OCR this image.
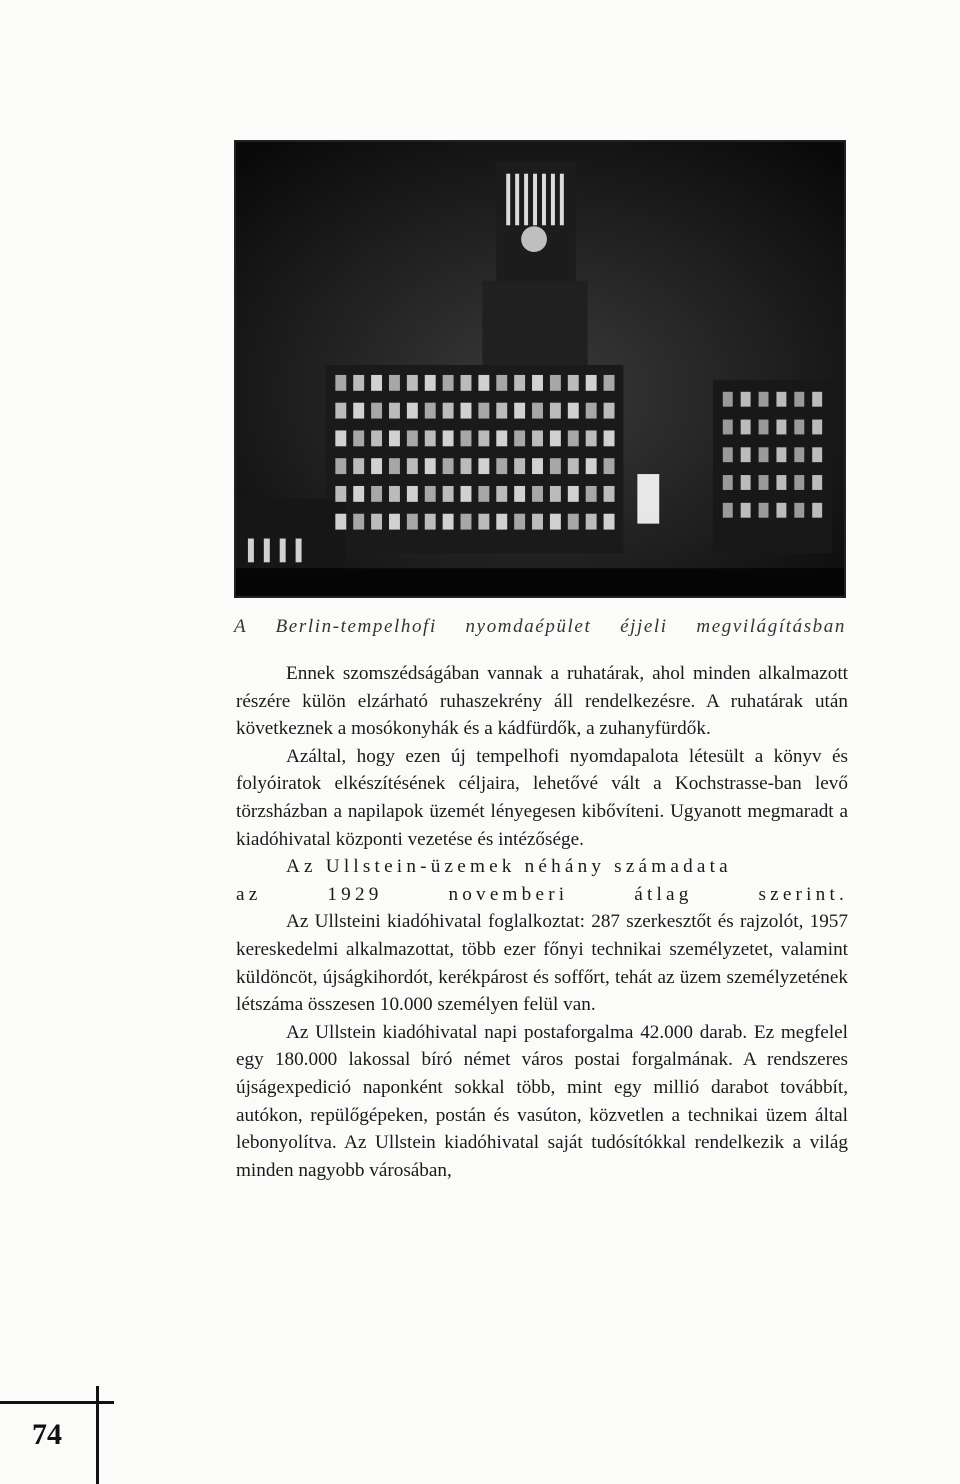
A Berlin-tempelhofi nyomdaépület éjjeli megvilágításban

Ennek szomszédságában vannak a ruhatárak, ahol minden alkalmazott részére külön elzárható ruhaszekrény áll rendelkezésre. A ruhatárak után következnek a mosókonyhák és a kádfürdők, a zuhanyfürdők.

Azáltal, hogy ezen új tempelhofi nyomdapalota létesült a könyv és folyóiratok elkészítésének céljaira, lehetővé vált a Kochstrasse-ban levő törzsházban a napilapok üzemét lényegesen kibővíteni. Ugyanott megmaradt a kiadóhivatal központi vezetése és intézősége.

Az Ullstein-üzemek néhány számadata

az 1929 novemberi átlag szerint.

Az Ullsteini kiadóhivatal foglalkoztat: 287 szerkesztőt és rajzolót, 1957 kereskedelmi alkalmazottat, több ezer főnyi technikai személyzetet, valamint küldöncöt, újságkihordót, kerékpárost és soffőrt, tehát az üzem személyzetének létszáma összesen 10.000 személyen felül van.

Az Ullstein kiadóhivatal napi postaforgalma 42.000 darab. Ez megfelel egy 180.000 lakossal bíró német város postai forgalmának. A rendszeres újságexpedició naponként sokkal több, mint egy millió darabot továbbít, autókon, repülőgépeken, postán és vasúton, közvetlen a technikai üzem által lebonyolítva. Az Ullstein kiadóhivatal saját tudósítókkal rendelkezik a világ minden nagyobb városában,

74
